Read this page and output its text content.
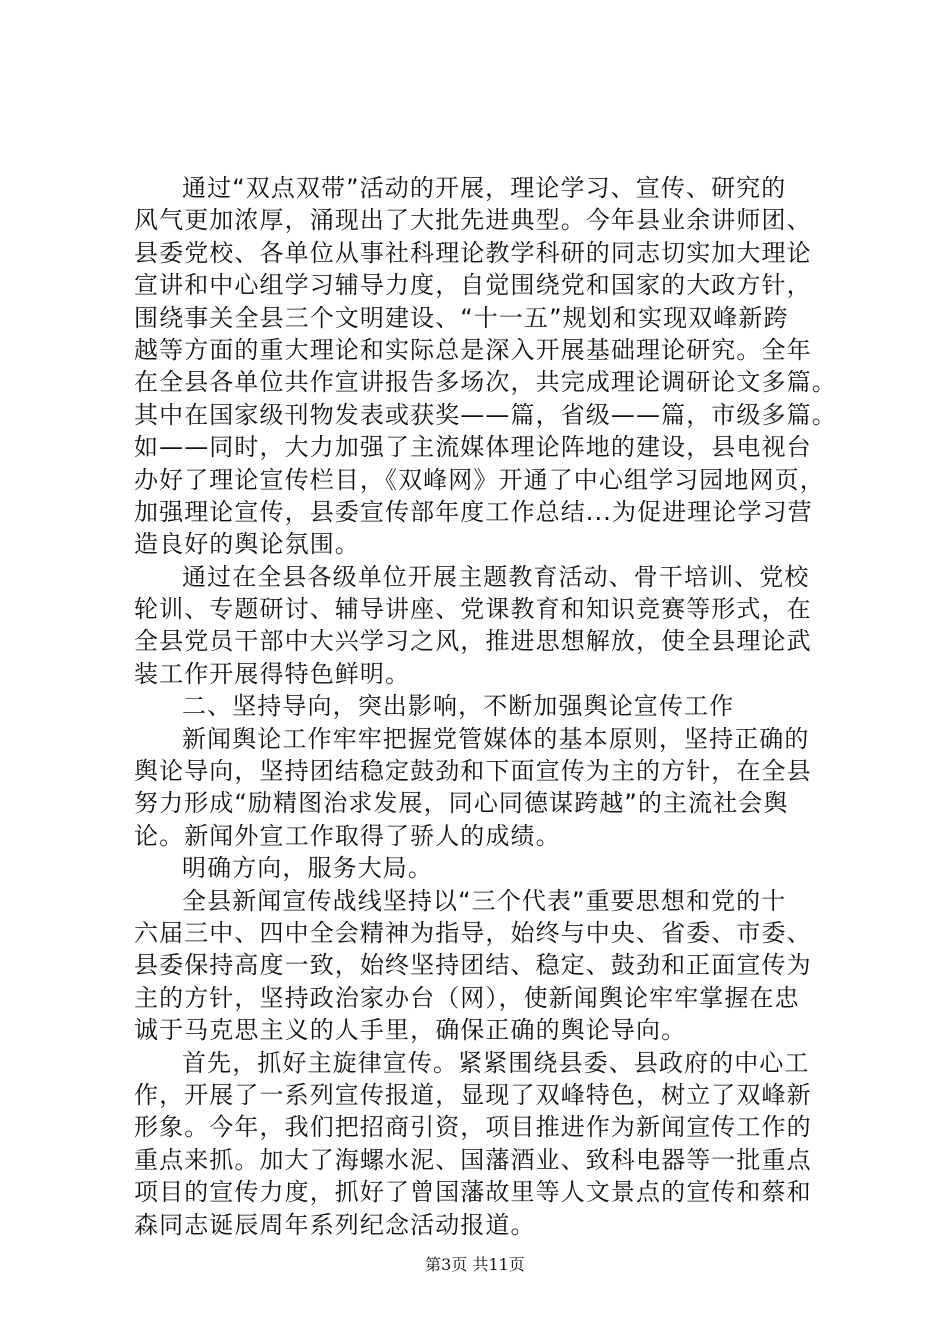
通过“双点双带”活动的开展，理论学习、宣传、研究的
风气更加浓厚，涌现出了大批先进典型。今年县业余讲师团、
县委党校、各单位从事社科理论教学科研的同志切实加大理论
宣讲和中心组学习辅导力度，自觉围绕党和国家的大政方针，
围绕事关全县三个文明建设、“十一五”规划和实现双峰新跨
越等方面的重大理论和实际总是深入开展基础理论研究。全年
在全县各单位共作宣讲报告多场次，共完成理论调研论文多篇。
其中在国家级刊物发表或获奖——篇，省级——篇，市级多篇。
如——同时，大力加强了主流媒体理论阵地的建设，县电视台
办好了理论宣传栏目，《双峰网》开通了中心组学习园地网页，
加强理论宣传，县委宣传部年度工作总结...为促进理论学习营
造良好的舆论氛围。
通过在全县各级单位开展主题教育活动、骨干培训、党校
轮训、专题研讨、辅导讲座、党课教育和知识竞赛等形式，在
全县党员干部中大兴学习之风，推进思想解放，使全县理论武
装工作开展得特色鲜明。
二、坚持导向，突出影响，不断加强舆论宣传工作
新闻舆论工作牢牢把握党管媒体的基本原则，坚持正确的
舆论导向，坚持团结稳定鼓劲和下面宣传为主的方针，在全县
努力形成“励精图治求发展，同心同德谋跨越”的主流社会舆
论。新闻外宣工作取得了骄人的成绩。
明确方向，服务大局。
全县新闻宣传战线坚持以“三个代表”重要思想和党的十
六届三中、四中全会精神为指导，始终与中央、省委、市委、
县委保持高度一致，始终坚持团结、稳定、鼓劲和正面宣传为
主的方针，坚持政治家办台（网），使新闻舆论牢牢掌握在忠
诚于马克思主义的人手里，确保正确的舆论导向。
首先，抓好主旋律宣传。紧紧围绕县委、县政府的中心工
作，开展了一系列宣传报道，显现了双峰特色，树立了双峰新
形象。今年，我们把招商引资，项目推进作为新闻宣传工作的
重点来抓。加大了海螺水泥、国藩酒业、致科电器等一批重点
项目的宣传力度，抓好了曾国藩故里等人文景点的宣传和蔡和
森同志诞辰周年系列纪念活动报道。
第3页 共11页
